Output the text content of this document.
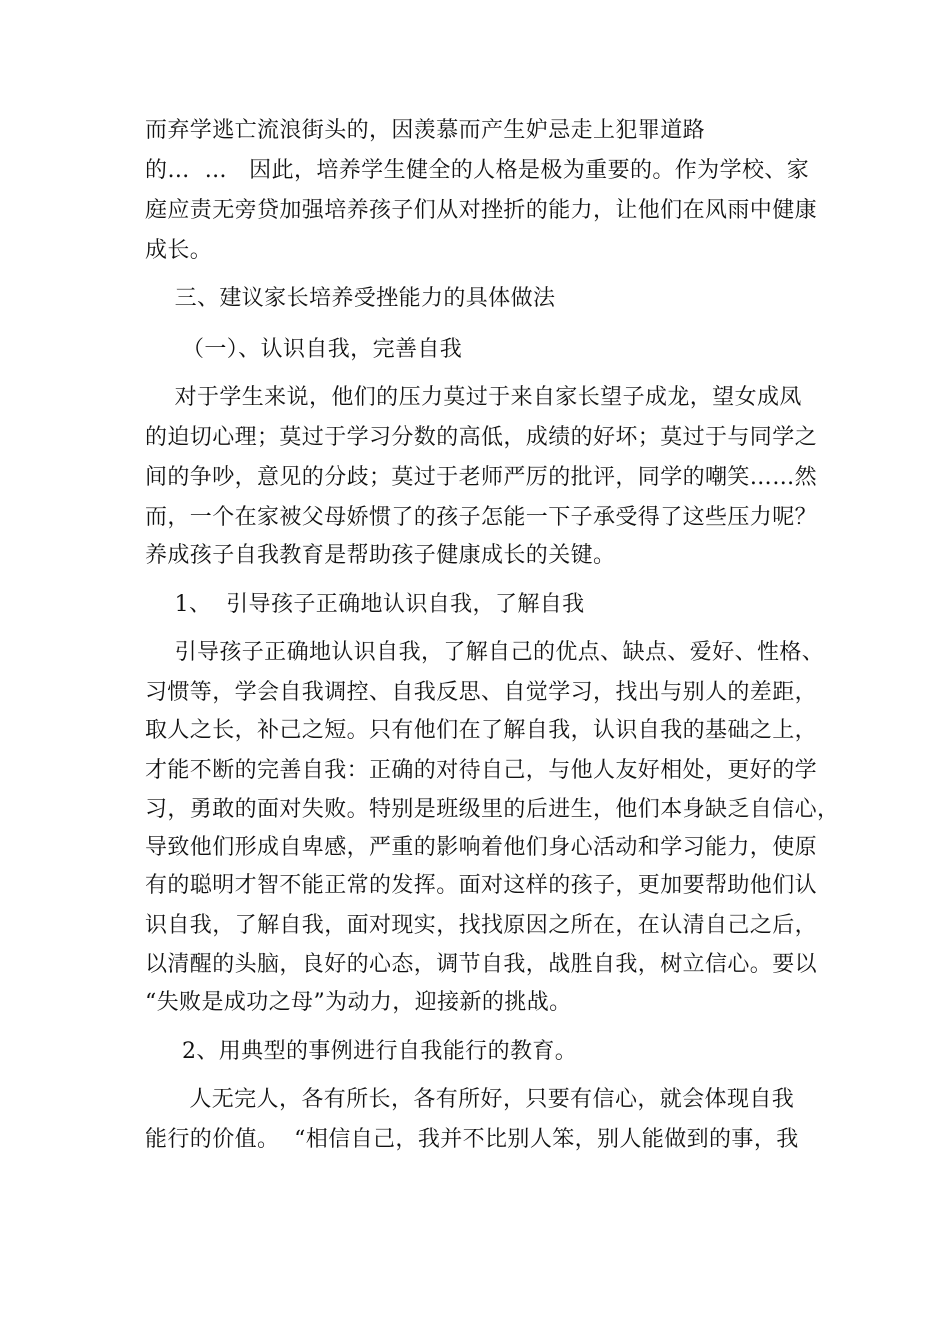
而弃学逃亡流浪街头的，因羡慕而产生妒忌走上犯罪道路
的…  …   因此，培养学生健全的人格是极为重要的。作为学校、家
庭应责无旁贷加强培养孩子们从对挫折的能力，让他们在风雨中健康
成长。
三、建议家长培养受挫能力的具体做法
（一）、认识自我，完善自我
对于学生来说，他们的压力莫过于来自家长望子成龙，望女成凤
的迫切心理；莫过于学习分数的高低，成绩的好坏；莫过于与同学之
间的争吵，意见的分歧；莫过于老师严厉的批评，同学的嘲笑……然
而，一个在家被父母娇惯了的孩子怎能一下子承受得了这些压力呢？
养成孩子自我教育是帮助孩子健康成长的关键。
1、  引导孩子正确地认识自我，了解自我
引导孩子正确地认识自我，了解自己的优点、缺点、爱好、性格、
习惯等，学会自我调控、自我反思、自觉学习，找出与别人的差距，
取人之长，补己之短。只有他们在了解自我，认识自我的基础之上，
才能不断的完善自我：正确的对待自己，与他人友好相处，更好的学
习，勇敢的面对失败。特别是班级里的后进生，他们本身缺乏自信心，
导致他们形成自卑感，严重的影响着他们身心活动和学习能力，使原
有的聪明才智不能正常的发挥。面对这样的孩子，更加要帮助他们认
识自我，了解自我，面对现实，找找原因之所在，在认清自己之后，
以清醒的头脑，良好的心态，调节自我，战胜自我，树立信心。要以
“失败是成功之母”为动力，迎接新的挑战。
2、用典型的事例进行自我能行的教育。
人无完人，各有所长，各有所好，只要有信心，就会体现自我
能行的价值。  “相信自己，我并不比别人笨，别人能做到的事，我
